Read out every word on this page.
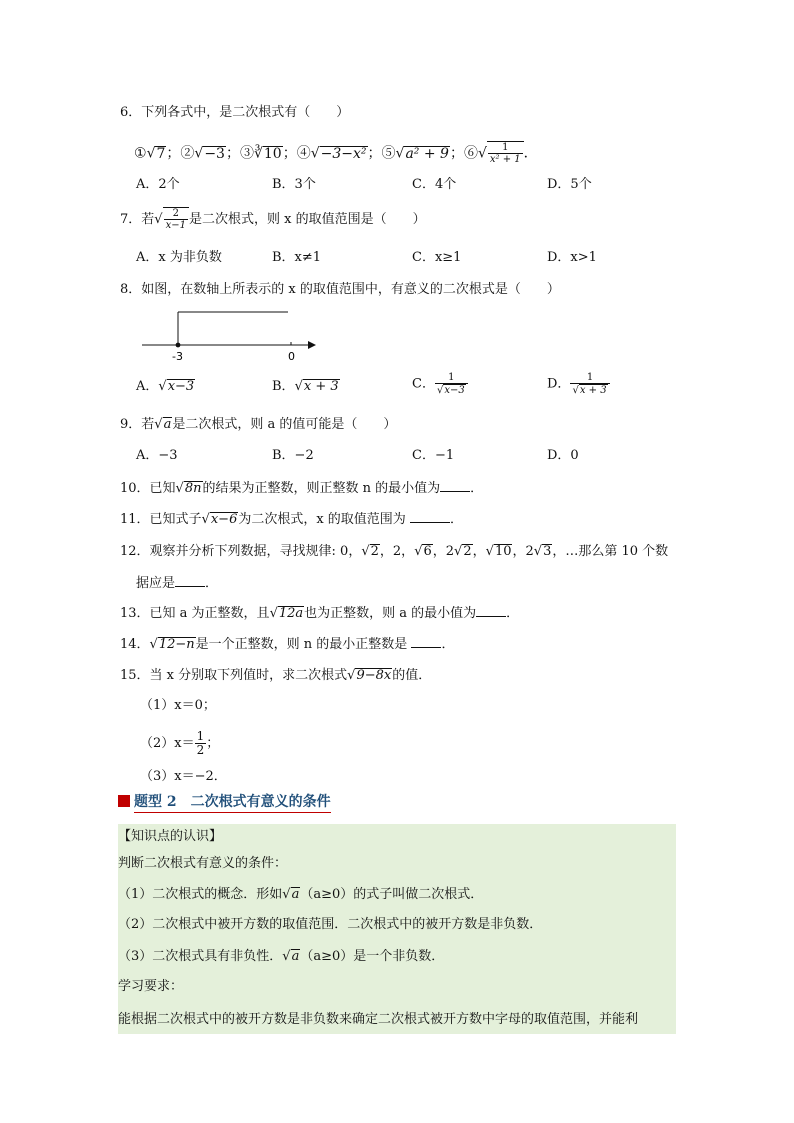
6．下列各式中，是二次根式有（　　）
①√7；②√−3；③∛10；④√−3−x²；⑤√a² + 9；⑥√ $\frac{1}{\text{x² + 1}}$ ．
A．2个	B．3个	C．4个	D．5个
7．若√ $\frac{2}{x-1}$ 是二次根式，则 x 的取值范围是（　　）
A．x 为非负数	B．x≠1	C．x≥1	D．x>1
8．如图，在数轴上所表示的 x 的取值范围中，有意义的二次根式是（　　）
-3	0
A．√x−3	B．√x + 3	C． $\frac{1}{√x-3}$	D． $\frac{1}{√x + 3}$
9．若√a是二次根式，则 a 的值可能是（　　）
A．−3	B．−2	C．−1	D．0
10．已知√8n的结果为正整数，则正整数 n 的最小值为 ．
11．已知式子√x−6为二次根式，x 的取值范围为	．
12．观察并分析下列数据，寻找规律: 0，√2，2，√6，2√2，√10，2√3，…那么第 10 个数
据应是 ．
13．已知 a 为正整数，且√12a也为正整数，则 a 的最小值为 ．
14．√12−n是一个正整数，则 n 的最小正整数是	．
15．当 x 分别取下列值时，求二次根式√9−8x的值．
（1）x＝0；
$(2)x= \frac{1}{2}$ ；
（3）x＝−2．
题型 2　二次根式有意义的条件
【知识点的认识】
判断二次根式有意义的条件：
（1）二次根式的概念．形如√a（a≥0）的式子叫做二次根式．
（2）二次根式中被开方数的取值范围．二次根式中的被开方数是非负数．
（3）二次根式具有非负性．√a（a≥0）是一个非负数．
学习要求：
能根据二次根式中的被开方数是非负数来确定二次根式被开方数中字母的取值范围，并能利
